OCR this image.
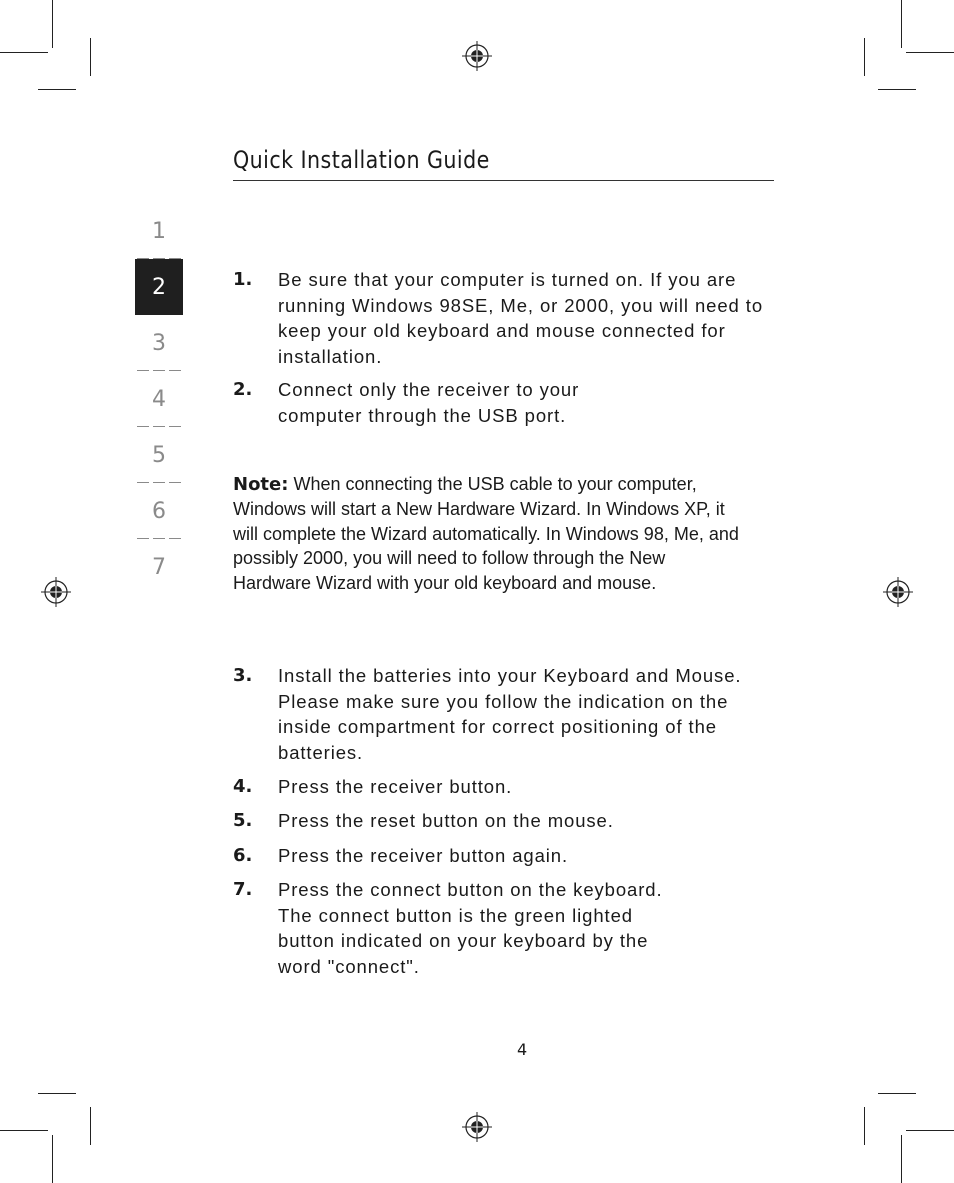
Quick Installation Guide
1
2
3
4
5
6
7
1. Be sure that your computer is turned on. If you are running Windows 98SE, Me, or 2000, you will need to keep your old keyboard and mouse connected for installation.

2. Connect only the receiver to your computer through the USB port.

Note: When connecting the USB cable to your computer, Windows will start a New Hardware Wizard. In Windows XP, it will complete the Wizard automatically. In Windows 98, Me, and possibly 2000, you will need to follow through the New Hardware Wizard with your old keyboard and mouse.
3. Install the batteries into your Keyboard and Mouse. Please make sure you follow the indication on the inside compartment for correct positioning of the batteries.

4. Press the receiver button.

5. Press the reset button on the mouse.

6. Press the receiver button again.

7. Press the connect button on the keyboard. The connect button is the green lighted button indicated on your keyboard by the word "connect".

4
